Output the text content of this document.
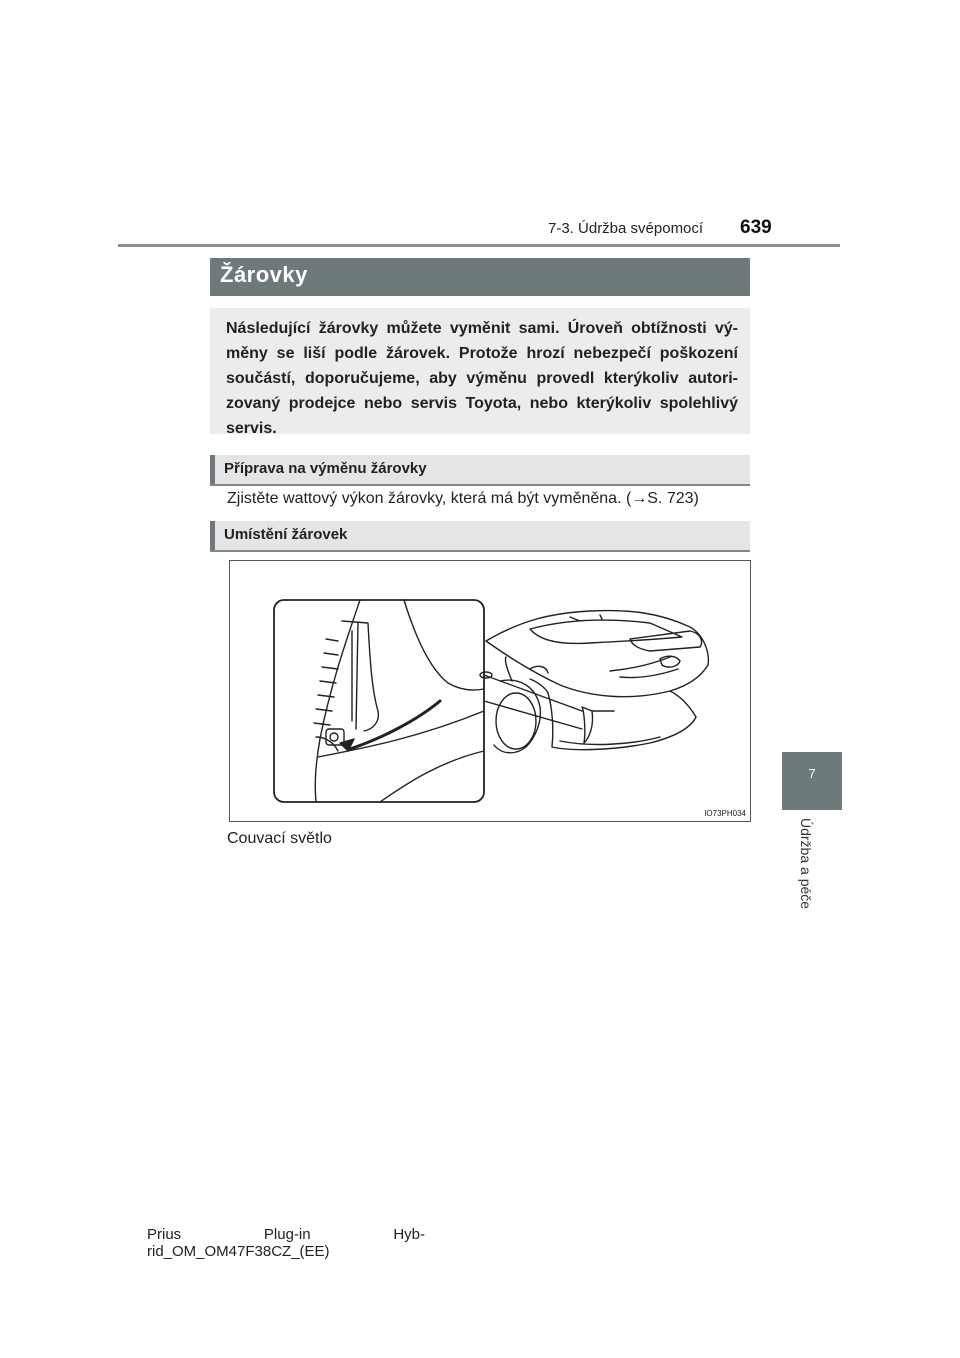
7-3. Údržba svépomocí 639
7
Údržba a péče
Žárovky
Následující žárovky můžete vyměnit sami. Úroveň obtížnosti vý-měny se liší podle žárovek. Protože hrozí nebezpečí poškození součástí, doporučujeme, aby výměnu provedl kterýkoliv autori-zovaný prodejce nebo servis Toyota, nebo kterýkoliv spolehlivý servis.
Příprava na výměnu žárovky
Zjistěte wattový výkon žárovky, která má být vyměněna. (→S. 723)
Umístění žárovek
IO73PH034
Couvací světlo
Prius	Plug-in	Hyb-
rid_OM_OM47F38CZ_(EE)
